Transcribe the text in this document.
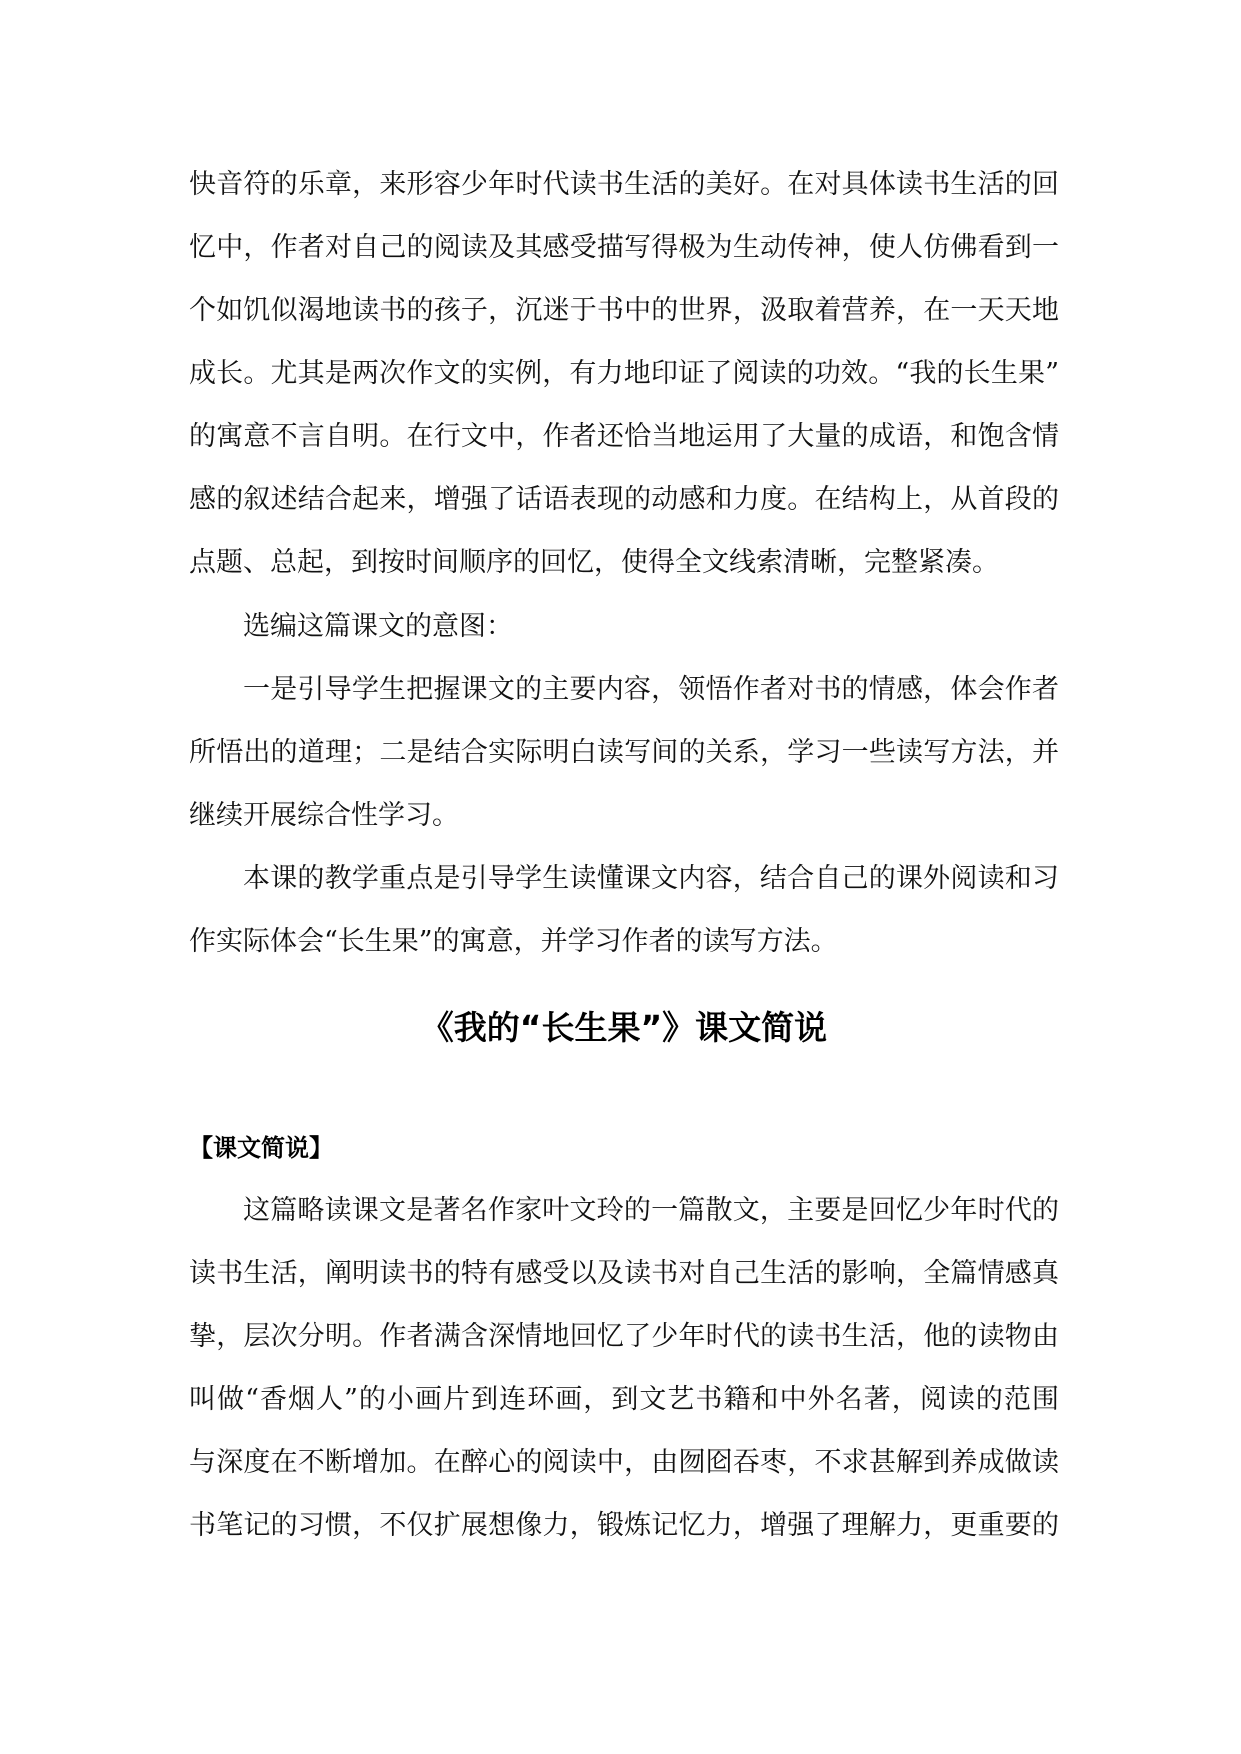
快音符的乐章，来形容少年时代读书生活的美好。在对具体读书生活的回
忆中，作者对自己的阅读及其感受描写得极为生动传神，使人仿佛看到一
个如饥似渴地读书的孩子，沉迷于书中的世界，汲取着营养，在一天天地
成长。尤其是两次作文的实例，有力地印证了阅读的功效。“我的长生果”
的寓意不言自明。在行文中，作者还恰当地运用了大量的成语，和饱含情
感的叙述结合起来，增强了话语表现的动感和力度。在结构上，从首段的
点题、总起，到按时间顺序的回忆，使得全文线索清晰，完整紧凑。
选编这篇课文的意图：
一是引导学生把握课文的主要内容，领悟作者对书的情感，体会作者
所悟出的道理；二是结合实际明白读写间的关系，学习一些读写方法，并
继续开展综合性学习。
本课的教学重点是引导学生读懂课文内容，结合自己的课外阅读和习
作实际体会“长生果”的寓意，并学习作者的读写方法。
《我的“长生果”》课文简说
【课文简说】
这篇略读课文是著名作家叶文玲的一篇散文，主要是回忆少年时代的
读书生活，阐明读书的特有感受以及读书对自己生活的影响，全篇情感真
挚，层次分明。作者满含深情地回忆了少年时代的读书生活，他的读物由
叫做“香烟人”的小画片到连环画，到文艺书籍和中外名著，阅读的范围
与深度在不断增加。在醉心的阅读中，由囫囵吞枣，不求甚解到养成做读
书笔记的习惯，不仅扩展想像力，锻炼记忆力，增强了理解力，更重要的
